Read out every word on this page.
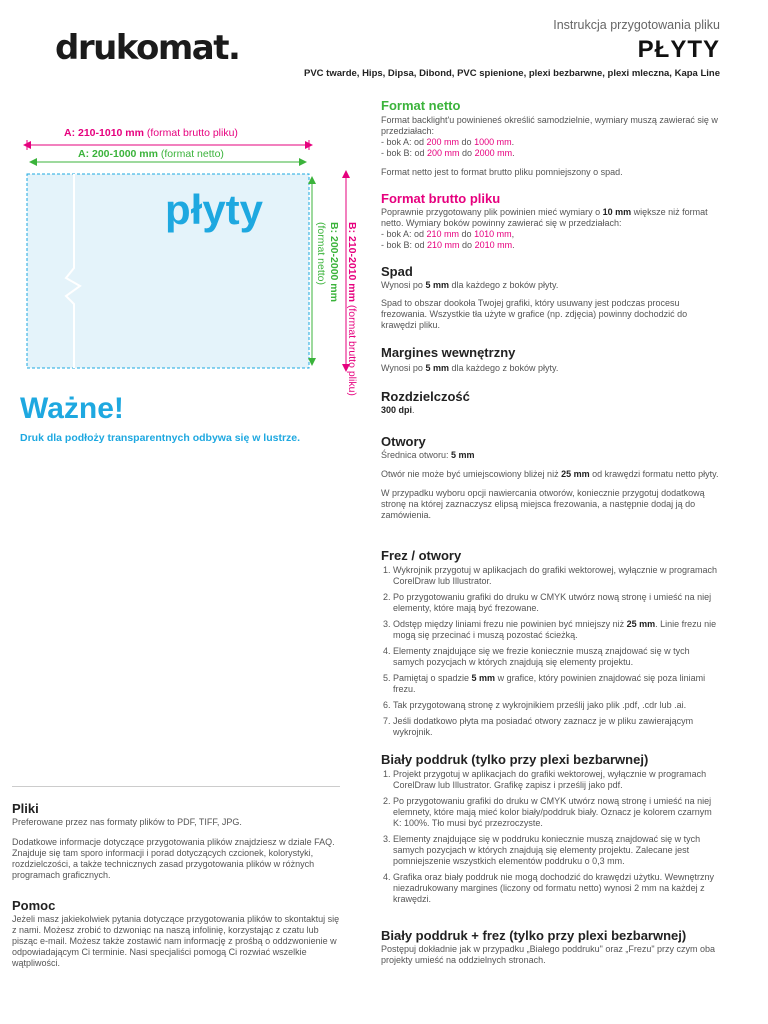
drukomat.
Instrukcja przygotowania pliku
PŁYTY
PVC twarde, Hips, Dipsa, Dibond, PVC spienione, plexi bezbarwne, plexi mleczna, Kapa Line
A: 210-1010 mm (format brutto pliku)
A: 200-1000 mm (format netto)
płyty
B: 210-2010 mm (format brutto pliku)
B: 200-2000 mm
(format netto)
Ważne!
Druk dla podłoży transparentnych odbywa się w lustrze.
Format netto
Format backlight'u powinieneś określić samodzielnie, wymiary muszą zawierać się w przedziałach:
- bok A: od 200 mm do 1000 mm.
- bok B: od 200 mm do 2000 mm.
Format netto jest to format brutto pliku pomniejszony o spad.
Format brutto pliku
Poprawnie przygotowany plik powinien mieć wymiary o 10 mm większe niż format netto. Wymiary boków powinny zawierać się w przedziałach:
- bok A: od 210 mm do 1010 mm,
- bok B: od 210 mm do 2010 mm.
Spad
Wynosi po 5 mm dla każdego z boków płyty.
Spad to obszar dookoła Twojej grafiki, który usuwany jest podczas procesu frezowania. Wszystkie tła użyte w grafice (np. zdjęcia) powinny dochodzić do krawędzi pliku.
Margines wewnętrzny
Wynosi po 5 mm dla każdego z boków płyty.
Rozdzielczość
300 dpi.
Otwory
Średnica otworu: 5 mm
Otwór nie może być umiejscowiony bliżej niż 25 mm od krawędzi formatu netto płyty.
W przypadku wyboru opcji nawiercania otworów, koniecznie przygotuj dodatkową stronę na której zaznaczysz elipsą miejsca frezowania, a następnie dodaj ją do zamówienia.
Frez / otwory
1. Wykrojnik przygotuj w aplikacjach do grafiki wektorowej, wyłącznie w programach CorelDraw lub Illustrator.
2. Po przygotowaniu grafiki do druku w CMYK utwórz nową stronę i umieść na niej elementy, które mają być frezowane.
3. Odstęp między liniami frezu nie powinien być mniejszy niż 25 mm. Linie frezu nie mogą się przecinać i muszą pozostać ścieżką.
4. Elementy znajdujące się we frezie koniecznie muszą znajdować się w tych samych pozycjach w których znajdują się elementy projektu.
5. Pamiętaj o spadzie 5 mm w grafice, który powinien znajdować się poza liniami frezu.
6. Tak przygotowaną stronę z wykrojnikiem prześlij jako plik .pdf, .cdr lub .ai.
7. Jeśli dodatkowo płyta ma posiadać otwory zaznacz je w pliku zawierającym wykrojnik.
Biały poddruk (tylko przy plexi bezbarwnej)
1. Projekt przygotuj w aplikacjach do grafiki wektorowej, wyłącznie w programach CorelDraw lub Illustrator. Grafikę zapisz i prześlij jako pdf.
2. Po przygotowaniu grafiki do druku w CMYK utwórz nową stronę i umieść na niej elemnety, które mają mieć kolor biały/poddruk biały. Oznacz je kolorem czarnym K: 100%. Tło musi być przezroczyste.
3. Elementy znajdujące się w poddruku koniecznie muszą znajdować się w tych samych pozycjach w których znajdują się elementy projektu. Zalecane jest pomniejszenie wszystkich elementów poddruku o 0,3 mm.
4. Grafika oraz biały poddruk nie mogą dochodzić do krawędzi użytku. Wewnętrzny niezadrukowany margines (liczony od formatu netto) wynosi 2 mm na każdej z krawędzi.
Biały poddruk + frez (tylko przy plexi bezbarwnej)
Postępuj dokładnie jak w przypadku „Białego poddruku" oraz „Frezu" przy czym oba projekty umieść na oddzielnych stronach.
Pliki
Preferowane przez nas formaty plików to PDF, TIFF, JPG.
Dodatkowe informacje dotyczące przygotowania plików znajdziesz w dziale FAQ. Znajduje się tam sporo informacji i porad dotyczących czcionek, kolorystyki, rozdzielczości, a także technicznych zasad przygotowania plików w różnych programach graficznych.
Pomoc
Jeżeli masz jakiekolwiek pytania dotyczące przygotowania plików to skontaktuj się z nami. Możesz zrobić to dzwoniąc na naszą infolinię, korzystając z czatu lub pisząc e-mail. Możesz także zostawić nam informację z prośbą o oddzwonienie w odpowiadającym Ci terminie. Nasi specjaliści pomogą Ci rozwiać wszelkie wątpliwości.
